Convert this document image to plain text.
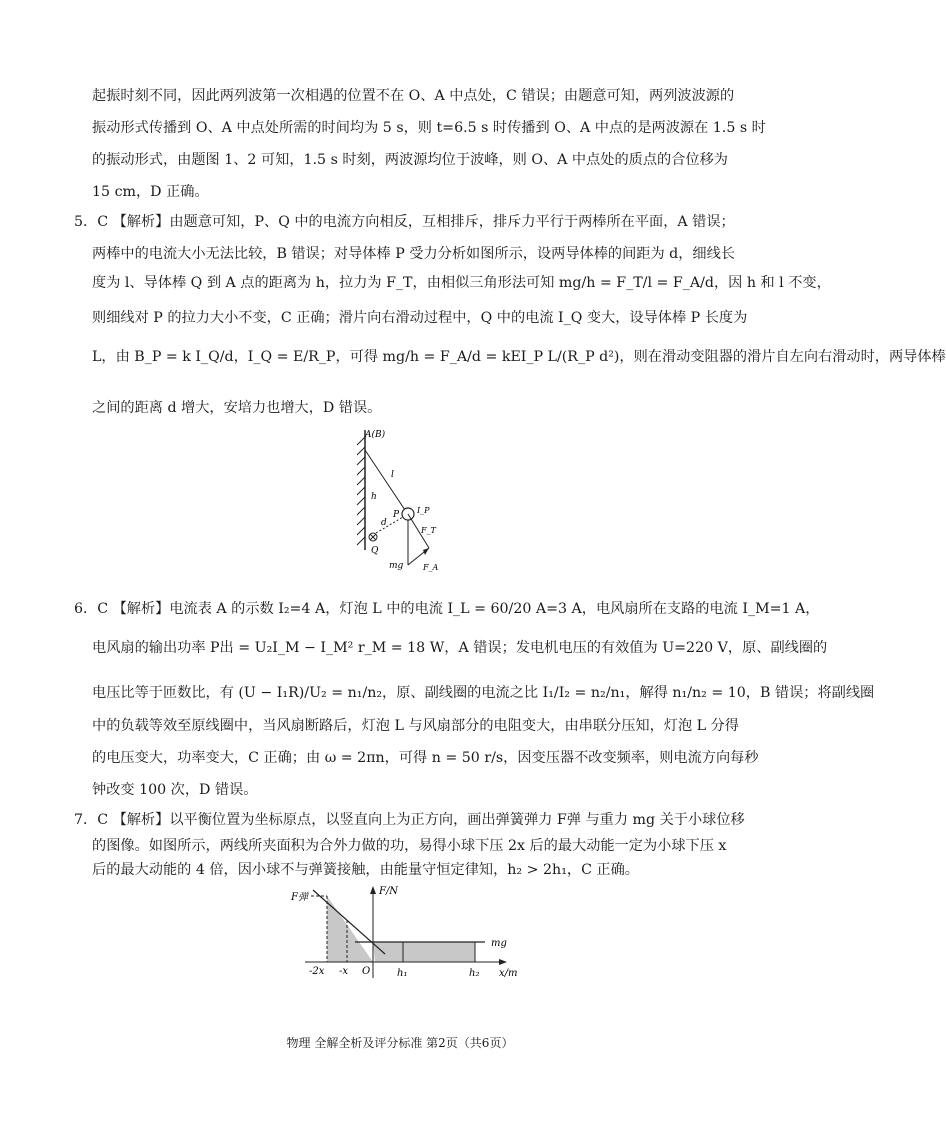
起振时刻不同，因此两列波第一次相遇的位置不在 O、A 中点处，C 错误；由题意可知，两列波波源的
振动形式传播到 O、A 中点处所需的时间均为 5 s，则 t=6.5 s 时传播到 O、A 中点的是两波源在 1.5 s 时
的振动形式，由题图 1、2 可知，1.5 s 时刻，两波源均位于波峰，则 O、A 中点处的质点的合位移为
15 cm，D 正确。
5．C 【解析】由题意可知，P、Q 中的电流方向相反，互相排斥，排斥力平行于两棒所在平面，A 错误；
两棒中的电流大小无法比较，B 错误；对导体棒 P 受力分析如图所示，设两导体棒的间距为 d，细线长
度为 l、导体棒 Q 到 A 点的距离为 h，拉力为 F_T，由相似三角形法可知 mg/h = F_T/l = F_A/d，因 h 和 l 不变，
则细线对 P 的拉力大小不变，C 正确；滑片向右滑动过程中，Q 中的电流 I_Q 变大，设导体棒 P 长度为
L，由 B_P = k I_Q/d，I_Q = E/R_P，可得 mg/h = F_A/d = kEI_P L/(R_P d²)，则在滑动变阻器的滑片自左向右滑动时，两导体棒
之间的距离 d 增大，安培力也增大，D 错误。
A(B)
l
h
P I_P
d
F_T
Q
mg F_A
6．C 【解析】电流表 A 的示数 I₂=4 A，灯泡 L 中的电流 I_L = 60/20 A=3 A，电风扇所在支路的电流 I_M=1 A，
电风扇的输出功率 P出 = U₂I_M − I_M² r_M = 18 W，A 错误；发电机电压的有效值为 U=220 V，原、副线圈的
电压比等于匝数比，有 (U − I₁R)/U₂ = n₁/n₂，原、副线圈的电流之比 I₁/I₂ = n₂/n₁，解得 n₁/n₂ = 10，B 错误；将副线圈
中的负载等效至原线圈中，当风扇断路后，灯泡 L 与风扇部分的电阻变大，由串联分压知，灯泡 L 分得
的电压变大，功率变大，C 正确；由 ω = 2πn，可得 n = 50 r/s，因变压器不改变频率，则电流方向每秒
钟改变 100 次，D 错误。
7．C 【解析】以平衡位置为坐标原点，以竖直向上为正方向，画出弹簧弹力 F弹 与重力 mg 关于小球位移
的图像。如图所示，两线所夹面积为合外力做的功，易得小球下压 2x 后的最大动能一定为小球下压 x
后的最大动能的 4 倍，因小球不与弹簧接触，由能量守恒定律知，h₂ > 2h₁，C 正确。
F弹
F/N
mg
-2x -x O	h₁	h₂ x/m
物理 全解全析及评分标准 第2页（共6页）
